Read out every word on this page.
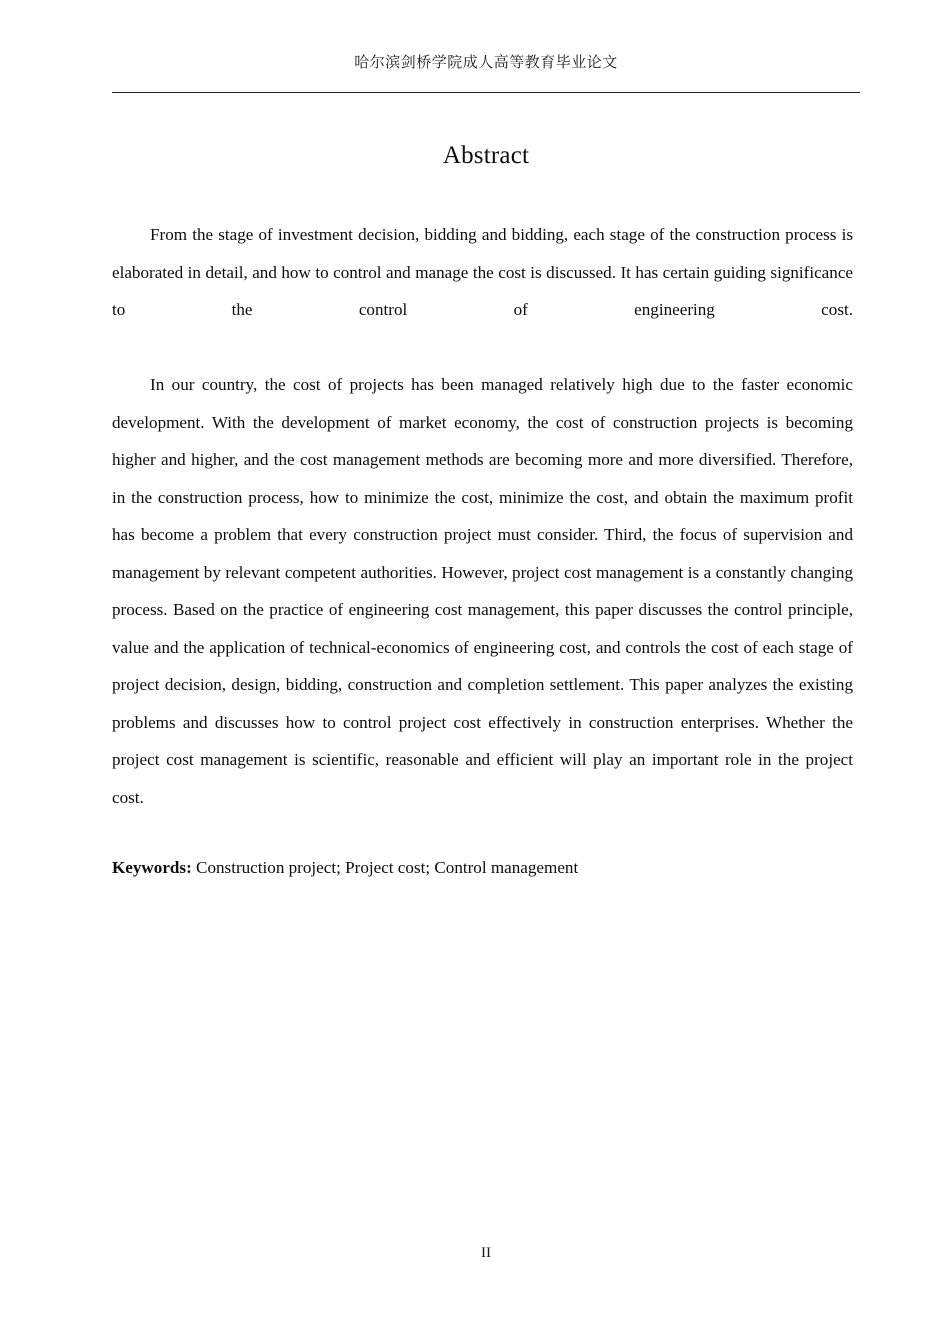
哈尔滨剑桥学院成人高等教育毕业论文
Abstract

From the stage of investment decision, bidding and bidding, each stage of the construction process is elaborated in detail, and how to control and manage the cost is discussed. It has certain guiding significance to the control of engineering cost.

In our country, the cost of projects has been managed relatively high due to the faster economic development. With the development of market economy, the cost of construction projects is becoming higher and higher, and the cost management methods are becoming more and more diversified. Therefore, in the construction process, how to minimize the cost, minimize the cost, and obtain the maximum profit has become a problem that every construction project must consider. Third, the focus of supervision and management by relevant competent authorities. However, project cost management is a constantly changing process. Based on the practice of engineering cost management, this paper discusses the control principle, value and the application of technical-economics of engineering cost, and controls the cost of each stage of project decision, design, bidding, construction and completion settlement. This paper analyzes the existing problems and discusses how to control project cost effectively in construction enterprises. Whether the project cost management is scientific, reasonable and efficient will play an important role in the project cost.

Keywords: Construction project; Project cost; Control management
II
